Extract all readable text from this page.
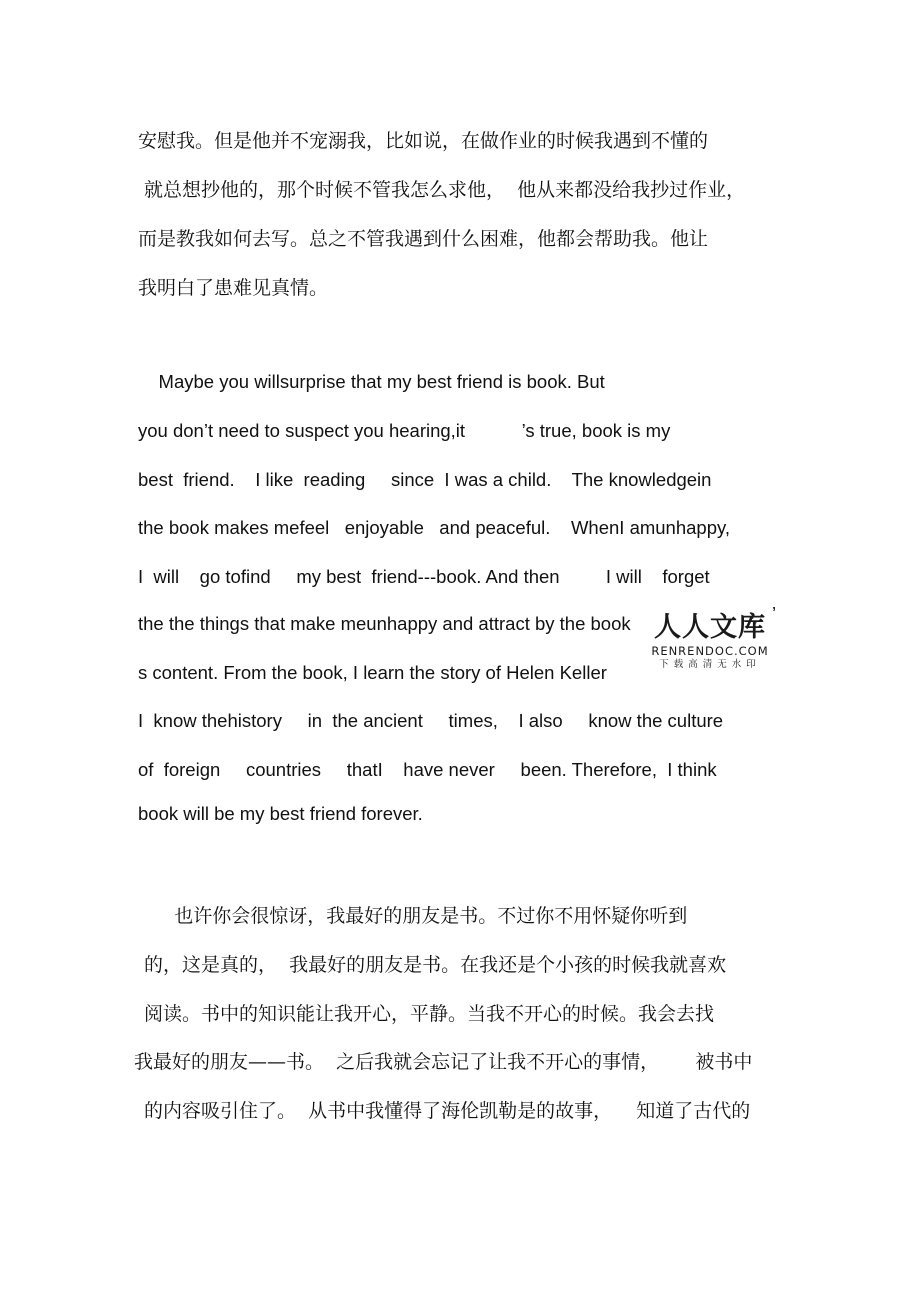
安慰我。但是他并不宠溺我，比如说，在做作业的时候我遇到不懂的

就总想抄他的，那个时候不管我怎么求他，  他从来都没给我抄过作业，

而是教我如何去写。总之不管我遇到什么困难，他都会帮助我。他让

我明白了患难见真情。

Maybe you willsurprise that my best friend is book. But

you don’t need to suspect you hearing,it           ’s true, book is my

best  friend.    I like  reading     since  I was a child.    The knowledgein

the book makes mefeel   enjoyable   and peaceful.    WhenI amunhappy,

I  will    go tofind     my best  friend---book. And then         I will    forget

the the things that make meunhappy and attract by the book	’

s content. From the book, I learn the story of Helen Keller

I  know thehistory     in  the ancient     times,    I also     know the culture

of  foreign     countries     thatI    have never     been. Therefore,  I think

book will be my best friend forever.

也许你会很惊讶，我最好的朋友是书。不过你不用怀疑你听到

的，这是真的，  我最好的朋友是书。在我还是个小孩的时候我就喜欢

阅读。书中的知识能让我开心，平静。当我不开心的时候。我会去找

我最好的朋友——书。  之后我就会忘记了让我不开心的事情，      被书中

的内容吸引住了。  从书中我懂得了海伦凯勒是的故事，    知道了古代的

人人文库
RENRENDOC.COM
下载高清无水印
